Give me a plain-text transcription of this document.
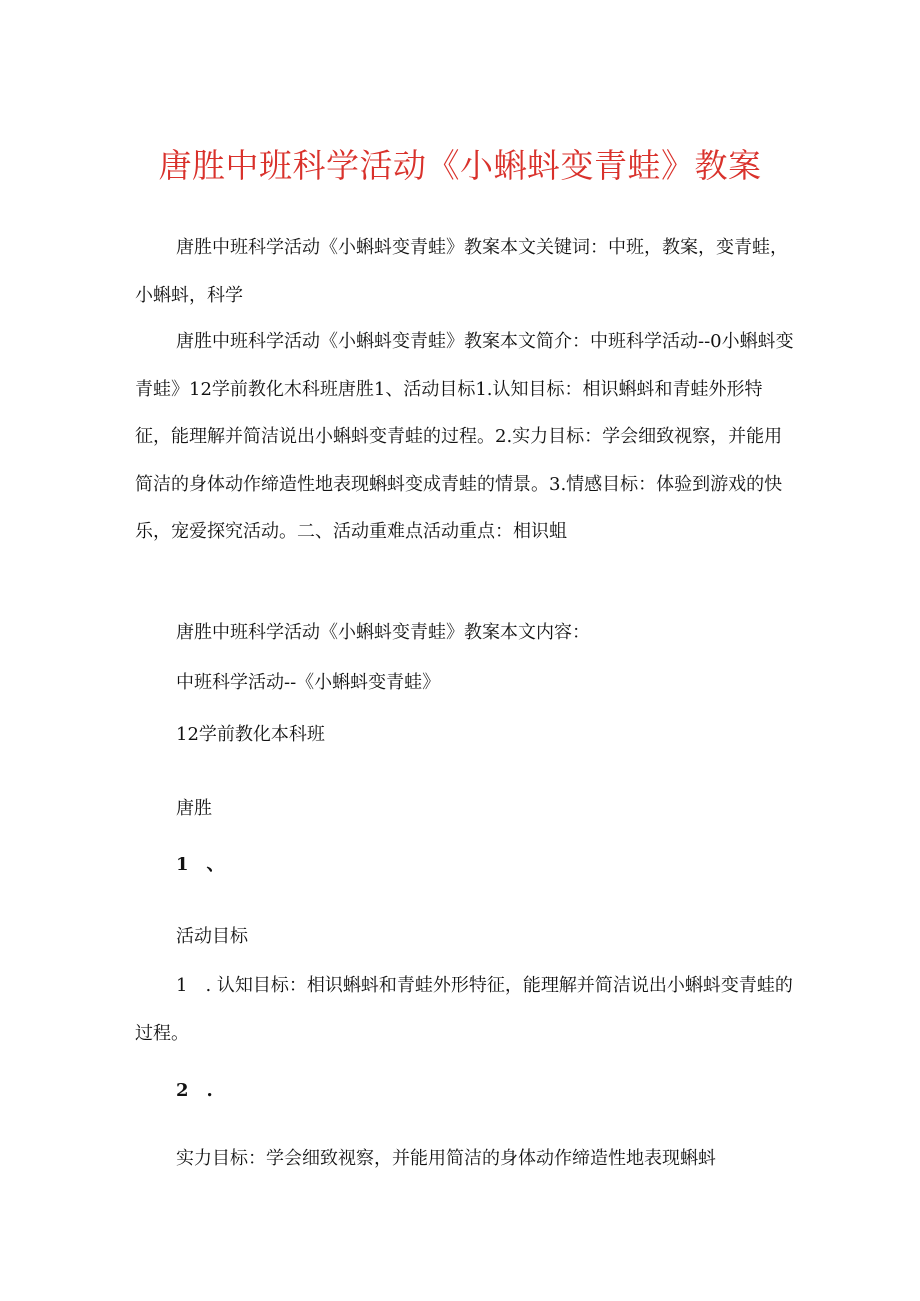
唐胜中班科学活动《小蝌蚪变青蛙》教案

唐胜中班科学活动《小蝌蚪变青蛙》教案本文关键词：中班，教案，变青蛙，小蝌蚪，科学

唐胜中班科学活动《小蝌蚪变青蛙》教案本文简介：中班科学活动--0小蝌蚪变青蛙》12学前教化木科班唐胜1、活动目标1.认知目标：相识蝌蚪和青蛙外形特征，能理解并简洁说出小蝌蚪变青蛙的过程。2.实力目标：学会细致视察，并能用简洁的身体动作缔造性地表现蝌蚪变成青蛙的情景。3.情感目标：体验到游戏的快乐，宠爱探究活动。二、活动重难点活动重点：相识蛆

唐胜中班科学活动《小蝌蚪变青蛙》教案本文内容：

中班科学活动--《小蝌蚪变青蛙》

12学前教化本科班

唐胜

1　、

活动目标

1　. 认知目标：相识蝌蚪和青蛙外形特征，能理解并简洁说出小蝌蚪变青蛙的过程。

2　.

实力目标：学会细致视察，并能用简洁的身体动作缔造性地表现蝌蚪
